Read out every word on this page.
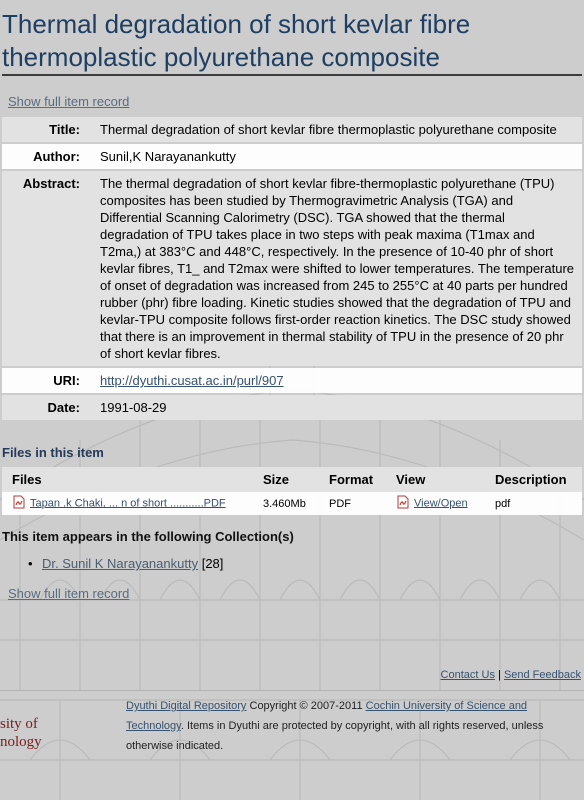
Thermal degradation of short kevlar fibre thermoplastic polyurethane composite
Show full item record
Title:	Thermal degradation of short kevlar fibre thermoplastic polyurethane composite
Author:	Sunil,K Narayanankutty
Abstract:	The thermal degradation of short kevlar fibre-thermoplastic polyurethane (TPU) composites has been studied by Thermogravimetric Analysis (TGA) and Differential Scanning Calorimetry (DSC). TGA showed that the thermal degradation of TPU takes place in two steps with peak maxima (T1max and T2ma,) at 383°C and 448°C, respectively. In the presence of 10-40 phr of short kevlar fibres, T1_ and T2max were shifted to lower temperatures. The temperature of onset of degradation was increased from 245 to 255°C at 40 parts per hundred rubber (phr) fibre loading. Kinetic studies showed that the degradation of TPU and kevlar-TPU composite follows first-order reaction kinetics. The DSC study showed that there is an improvement in thermal stability of TPU in the presence of 20 phr of short kevlar fibres.
URI:	http://dyuthi.cusat.ac.in/purl/907
Date:	1991-08-29
Files in this item
Files	Size	Format	View	Description
Tapan .k Chaki, ... n of short ...........PDF	3.460Mb	PDF	View/Open	pdf
This item appears in the following Collection(s)
• Dr. Sunil K Narayanankutty [28]
Show full item record
Contact Us | Send Feedback
sity of
nology
Dyuthi Digital Repository Copyright © 2007-2011 Cochin University of Science and Technology. Items in Dyuthi are protected by copyright, with all rights reserved, unless otherwise indicated.
